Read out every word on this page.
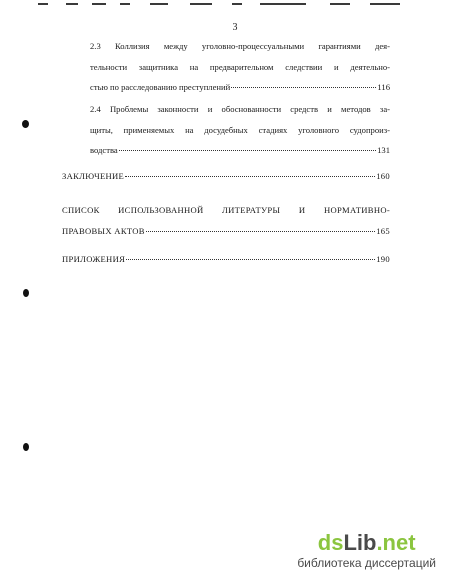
3
2.3 Коллизия между уголовно-процессуальными гарантиями дея-
тельности защитника на предварительном следствии и деятельно-
стью по расследованию преступлений	116
2.4 Проблемы законности и обоснованности средств и методов за-
щиты, применяемых на досудебных стадиях уголовного судопроиз-
водства	131
ЗАКЛЮЧЕНИЕ	160
СПИСОК ИСПОЛЬЗОВАННОЙ ЛИТЕРАТУРЫ И НОРМАТИВНО-
ПРАВОВЫХ АКТОВ	165
ПРИЛОЖЕНИЯ	190
dsLib.net
библиотека диссертаций
